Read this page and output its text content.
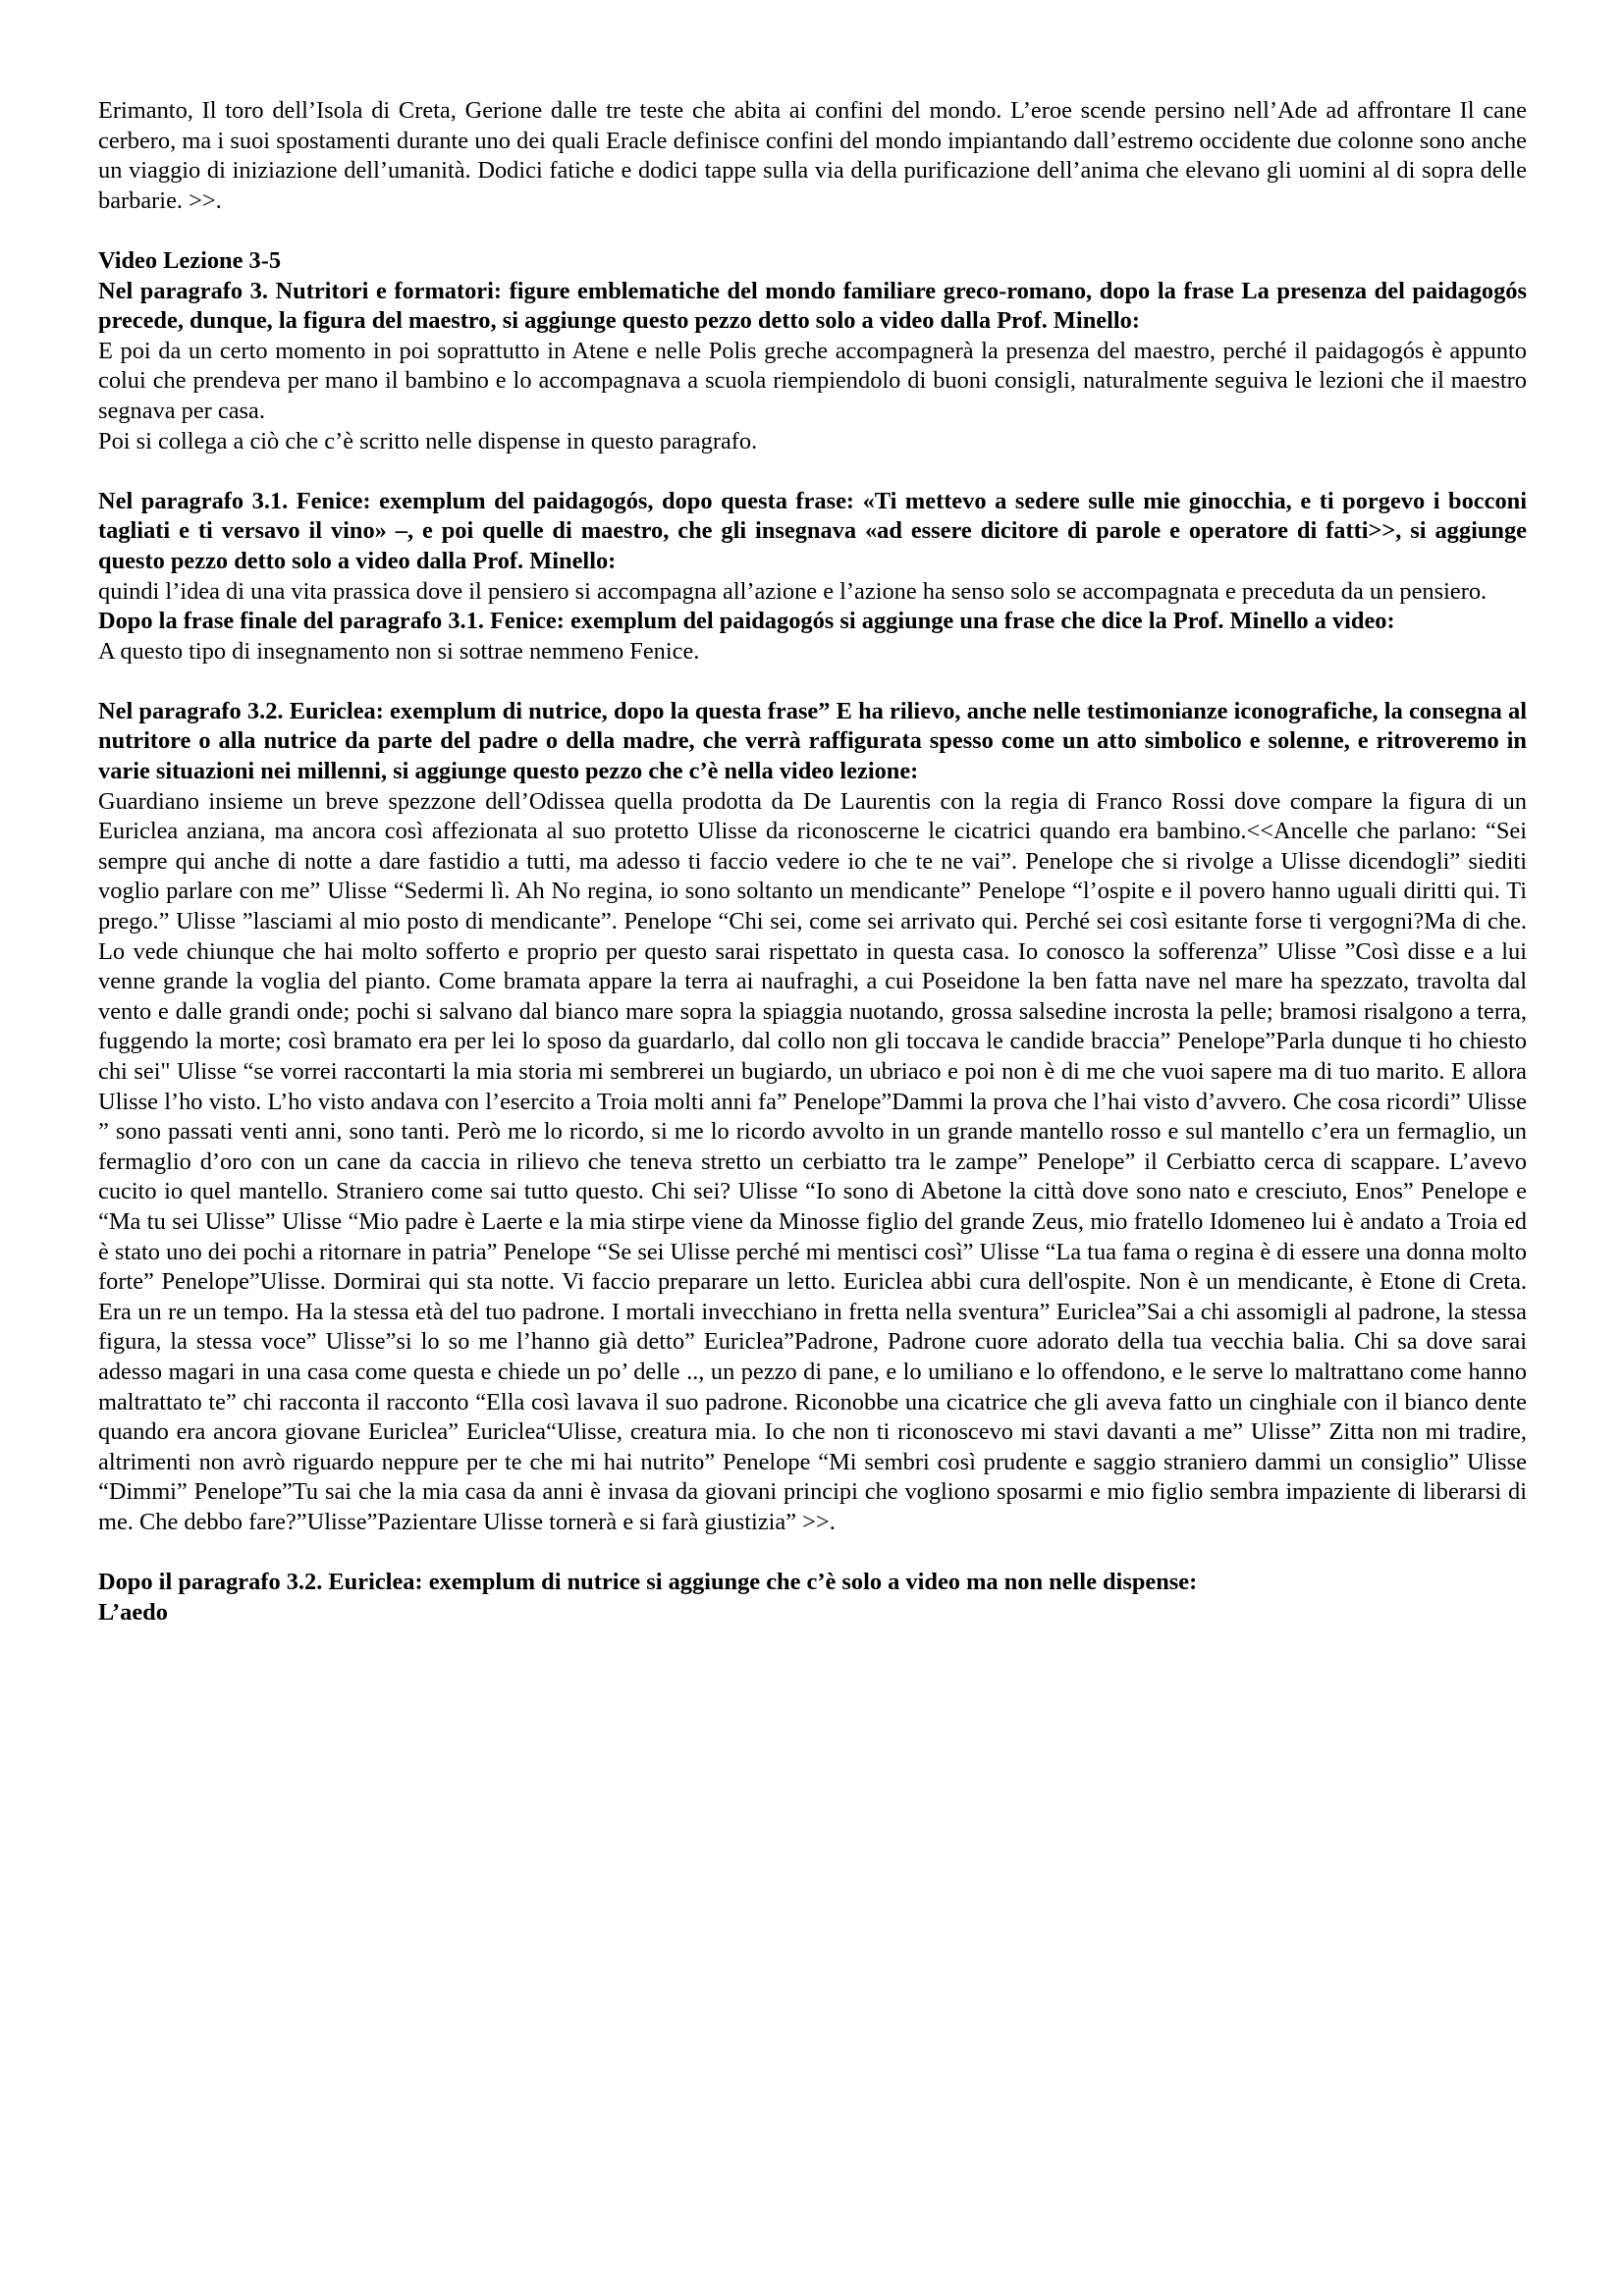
Erimanto, Il toro dell’Isola di Creta, Gerione dalle tre teste che abita ai confini del mondo. L’eroe scende persino nell’Ade ad affrontare Il cane cerbero, ma i suoi spostamenti durante uno dei quali Eracle definisce confini del mondo impiantando dall’estremo occidente due colonne sono anche un viaggio di iniziazione dell’umanità. Dodici fatiche e dodici tappe sulla via della purificazione dell’anima che elevano gli uomini al di sopra delle barbarie. >>.

Video Lezione 3-5

Nel paragrafo 3. Nutritori e formatori: figure emblematiche del mondo familiare greco-romano, dopo la frase La presenza del paidagogós precede, dunque, la figura del maestro, si aggiunge questo pezzo detto solo a video dalla Prof. Minello:

E poi da un certo momento in poi soprattutto in Atene e nelle Polis greche accompagnerà la presenza del maestro, perché il paidagogós è appunto colui che prendeva per mano il bambino e lo accompagnava a scuola riempiendolo di buoni consigli, naturalmente seguiva le lezioni che il maestro segnava per casa.

Poi si collega a ciò che c’è scritto nelle dispense in questo paragrafo.

Nel paragrafo 3.1. Fenice: exemplum del paidagogós, dopo questa frase: «Ti mettevo a sedere sulle mie ginocchia, e ti porgevo i bocconi tagliati e ti versavo il vino» –, e poi quelle di maestro, che gli insegnava «ad essere dicitore di parole e operatore di fatti>>, si aggiunge questo pezzo detto solo a video dalla Prof. Minello:

quindi l’idea di una vita prassica dove il pensiero si accompagna all’azione e l’azione ha senso solo se accompagnata e preceduta da un pensiero.

Dopo la frase finale del paragrafo 3.1. Fenice: exemplum del paidagogós si aggiunge una frase che dice la Prof. Minello a video:

A questo tipo di insegnamento non si sottrae nemmeno Fenice.

Nel paragrafo 3.2. Euriclea: exemplum di nutrice, dopo la questa frase” E ha rilievo, anche nelle testimonianze iconografiche, la consegna al nutritore o alla nutrice da parte del padre o della madre, che verrà raffigurata spesso come un atto simbolico e solenne, e ritroveremo in varie situazioni nei millenni, si aggiunge questo pezzo che c’è nella video lezione:

Guardiano insieme un breve spezzone dell’Odissea quella prodotta da De Laurentis con la regia di Franco Rossi dove compare la figura di un Euriclea anziana, ma ancora così affezionata al suo protetto Ulisse da riconoscerne le cicatrici quando era bambino.<<Ancelle che parlano: “Sei sempre qui anche di notte a dare fastidio a tutti, ma adesso ti faccio vedere io che te ne vai”. Penelope che si rivolge a Ulisse dicendogli” siediti voglio parlare con me” Ulisse “Sedermi lì. Ah No regina, io sono soltanto un mendicante” Penelope “l’ospite e il povero hanno uguali diritti qui. Ti prego.” Ulisse ”lasciami al mio posto di mendicante”. Penelope “Chi sei, come sei arrivato qui. Perché sei così esitante forse ti vergogni?Ma di che. Lo vede chiunque che hai molto sofferto e proprio per questo sarai rispettato in questa casa. Io conosco la sofferenza” Ulisse ”Così disse e a lui venne grande la voglia del pianto. Come bramata appare la terra ai naufraghi, a cui Poseidone la ben fatta nave nel mare ha spezzato, travolta dal vento e dalle grandi onde; pochi si salvano dal bianco mare sopra la spiaggia nuotando, grossa salsedine incrosta la pelle; bramosi risalgono a terra, fuggendo la morte; così bramato era per lei lo sposo da guardarlo, dal collo non gli toccava le candide braccia” Penelope”Parla dunque ti ho chiesto chi sei" Ulisse “se vorrei raccontarti la mia storia mi sembrerei un bugiardo, un ubriaco e poi non è di me che vuoi sapere ma di tuo marito. E allora Ulisse l’ho visto. L’ho visto andava con l’esercito a Troia molti anni fa” Penelope”Dammi la prova che l’hai visto d’avvero. Che cosa ricordi” Ulisse ” sono passati venti anni, sono tanti. Però me lo ricordo, si me lo ricordo avvolto in un grande mantello rosso e sul mantello c’era un fermaglio, un fermaglio d’oro con un cane da caccia in rilievo che teneva stretto un cerbiatto tra le zampe” Penelope” il Cerbiatto cerca di scappare. L’avevo cucito io quel mantello. Straniero come sai tutto questo. Chi sei? Ulisse “Io sono di Abetone la città dove sono nato e cresciuto, Enos” Penelope e “Ma tu sei Ulisse” Ulisse “Mio padre è Laerte e la mia stirpe viene da Minosse figlio del grande Zeus, mio fratello Idomeneo lui è andato a Troia ed è stato uno dei pochi a ritornare in patria” Penelope “Se sei Ulisse perché mi mentisci così” Ulisse “La tua fama o regina è di essere una donna molto forte” Penelope”Ulisse. Dormirai qui sta notte. Vi faccio preparare un letto. Euriclea abbi cura dell'ospite. Non è un mendicante, è Etone di Creta. Era un re un tempo. Ha la stessa età del tuo padrone. I mortali invecchiano in fretta nella sventura” Euriclea”Sai a chi assomigli al padrone, la stessa figura, la stessa voce” Ulisse”si lo so me l’hanno già detto” Euriclea”Padrone, Padrone cuore adorato della tua vecchia balia. Chi sa dove sarai adesso magari in una casa come questa e chiede un po’ delle .., un pezzo di pane, e lo umiliano e lo offendono, e le serve lo maltrattano come hanno maltrattato te” chi racconta il racconto “Ella così lavava il suo padrone. Riconobbe una cicatrice che gli aveva fatto un cinghiale con il bianco dente quando era ancora giovane Euriclea” Euriclea“Ulisse, creatura mia. Io che non ti riconoscevo mi stavi davanti a me” Ulisse” Zitta non mi tradire, altrimenti non avrò riguardo neppure per te che mi hai nutrito” Penelope “Mi sembri così prudente e saggio straniero dammi un consiglio” Ulisse “Dimmi” Penelope”Tu sai che la mia casa da anni è invasa da giovani principi che vogliono sposarmi e mio figlio sembra impaziente di liberarsi di me. Che debbo fare?”Ulisse”Pazientare Ulisse tornerà e si farà giustizia” >>.

Dopo il paragrafo 3.2. Euriclea: exemplum di nutrice si aggiunge che c’è solo a video ma non nelle dispense:

L’aedo
